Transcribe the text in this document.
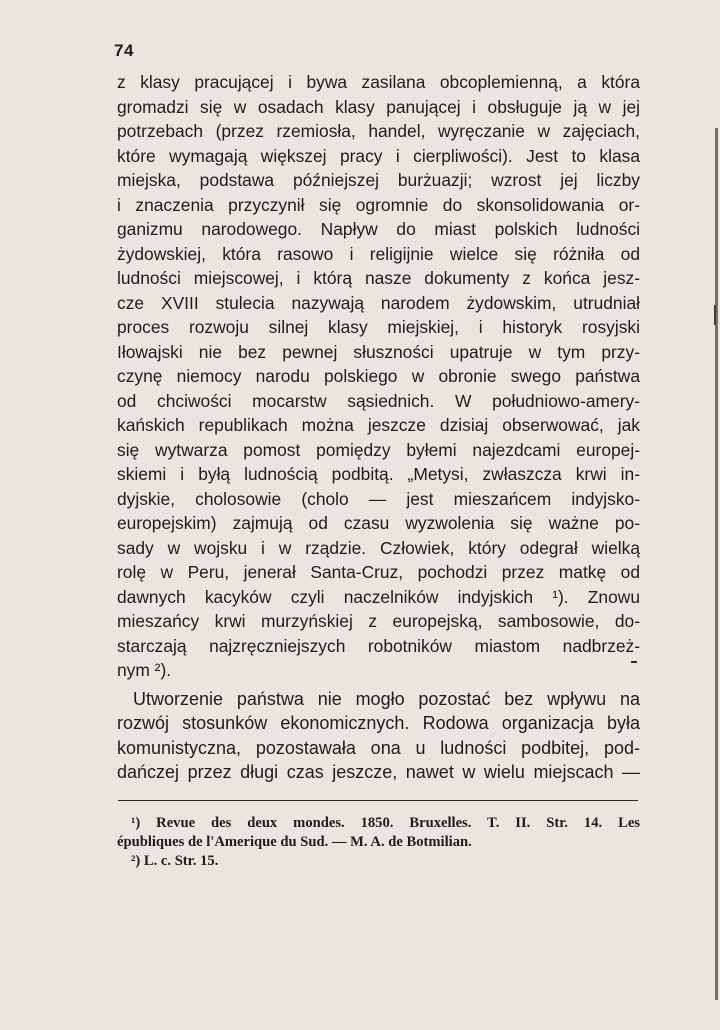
74
z klasy pracującej i bywa zasilana obcoplemienną, a która
gromadzi się w osadach klasy panującej i obsługuje ją w jej
potrzebach (przez rzemiosła, handel, wyręczanie w zajęciach,
które wymagają większej pracy i cierpliwości). Jest to klasa
miejska, podstawa późniejszej burżuazji; wzrost jej liczby
i znaczenia przyczynił się ogromnie do skonsolidowania or-
ganizmu narodowego. Napływ do miast polskich ludności
żydowskiej, która rasowo i religijnie wielce się różniła od
ludności miejscowej, i którą nasze dokumenty z końca jesz-
cze XVIII stulecia nazywają narodem żydowskim, utrudniał
proces rozwoju silnej klasy miejskiej, i historyk rosyjski
Iłowajski nie bez pewnej słuszności upatruje w tym przy-
czynę niemocy narodu polskiego w obronie swego państwa
od chciwości mocarstw sąsiednich. W południowo-amery-
kańskich republikach można jeszcze dzisiaj obserwować, jak
się wytwarza pomost pomiędzy byłemi najezdcami europej-
skiemi i byłą ludnością podbitą. „Metysi, zwłaszcza krwi in-
dyjskie, cholosowie (cholo — jest mieszańcem indyjsko-
europejskim) zajmują od czasu wyzwolenia się ważne po-
sady w wojsku i w rządzie. Człowiek, który odegrał wielką
rolę w Peru, jenerał Santa-Cruz, pochodzi przez matkę od
dawnych kacyków czyli naczelników indyjskich ¹). Znowu
mieszańcy krwi murzyńskiej z europejską, sambosowie, do-
starczają najzręczniejszych robotników miastom nadbrzeż-
nym ²).
Utworzenie państwa nie mogło pozostać bez wpływu na
rozwój stosunków ekonomicznych. Rodowa organizacja była
komunistyczna, pozostawała ona u ludności podbitej, pod-
dańczej przez długi czas jeszcze, nawet w wielu miejscach —
¹) Revue des deux mondes. 1850. Bruxelles. T. II. Str. 14. Les
épubliques de l'Amerique du Sud. — M. A. de Botmilian.
²) L. c. Str. 15.
